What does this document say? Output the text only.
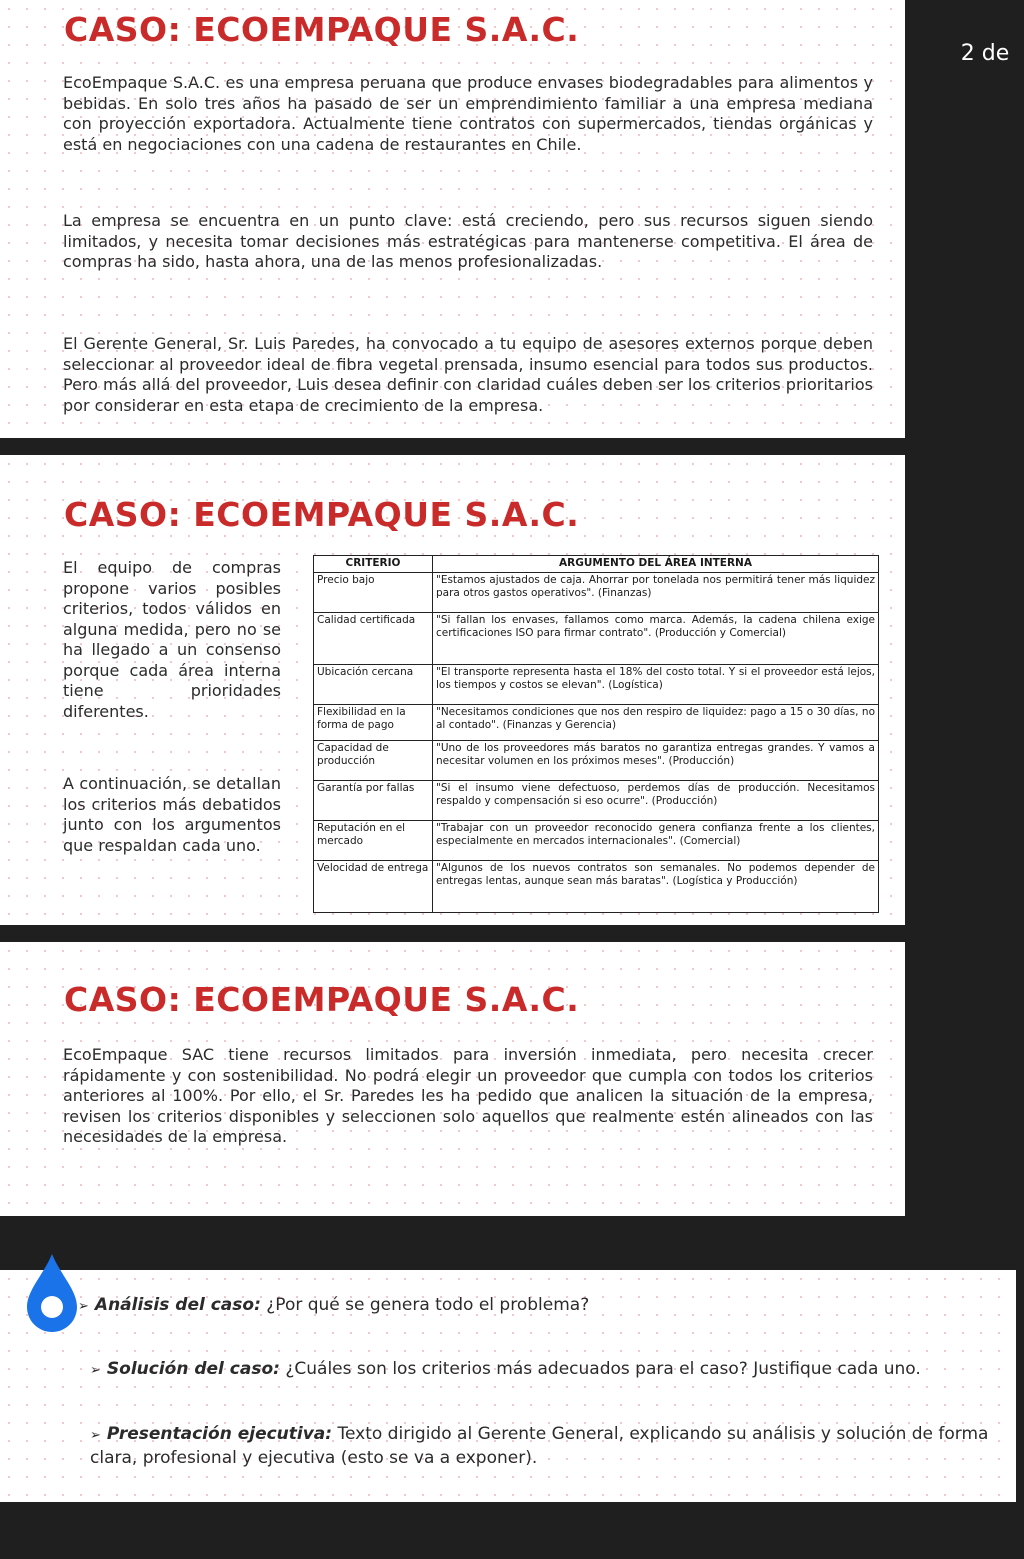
CASO: ECOEMPAQUE S.A.C.

EcoEmpaque S.A.C. es una empresa peruana que produce envases biodegradables para alimentos y bebidas. En solo tres años ha pasado de ser un emprendimiento familiar a una empresa mediana con proyección exportadora. Actualmente tiene contratos con supermercados, tiendas orgánicas y está en negociaciones con una cadena de restaurantes en Chile.

La empresa se encuentra en un punto clave: está creciendo, pero sus recursos siguen siendo limitados, y necesita tomar decisiones más estratégicas para mantenerse competitiva. El área de compras ha sido, hasta ahora, una de las menos profesionalizadas.

El Gerente General, Sr. Luis Paredes, ha convocado a tu equipo de asesores externos porque deben seleccionar al proveedor ideal de fibra vegetal prensada, insumo esencial para todos sus productos. Pero más allá del proveedor, Luis desea definir con claridad cuáles deben ser los criterios prioritarios por considerar en esta etapa de crecimiento de la empresa.

2 de
CASO: ECOEMPAQUE S.A.C.

El equipo de compras propone varios posibles criterios, todos válidos en alguna medida, pero no se ha llegado a un consenso porque cada área interna tiene prioridades diferentes.

A continuación, se detallan los criterios más debatidos junto con los argumentos que respaldan cada uno.

CRITERIO	ARGUMENTO DEL ÁREA INTERNA
Precio bajo	"Estamos ajustados de caja. Ahorrar por tonelada nos permitirá tener más liquidez para otros gastos operativos". (Finanzas)
Calidad certificada	"Si fallan los envases, fallamos como marca. Además, la cadena chilena exige certificaciones ISO para firmar contrato". (Producción y Comercial)
Ubicación cercana	"El transporte representa hasta el 18% del costo total. Y si el proveedor está lejos, los tiempos y costos se elevan". (Logística)
Flexibilidad en la forma de pago	"Necesitamos condiciones que nos den respiro de liquidez: pago a 15 o 30 días, no al contado". (Finanzas y Gerencia)
Capacidad de producción	"Uno de los proveedores más baratos no garantiza entregas grandes. Y vamos a necesitar volumen en los próximos meses". (Producción)
Garantía por fallas	"Si el insumo viene defectuoso, perdemos días de producción. Necesitamos respaldo y compensación si eso ocurre". (Producción)
Reputación en el mercado	"Trabajar con un proveedor reconocido genera confianza frente a los clientes, especialmente en mercados internacionales". (Comercial)
Velocidad de entrega	"Algunos de los nuevos contratos son semanales. No podemos depender de entregas lentas, aunque sean más baratas". (Logística y Producción)
CASO: ECOEMPAQUE S.A.C.

EcoEmpaque SAC tiene recursos limitados para inversión inmediata, pero necesita crecer rápidamente y con sostenibilidad. No podrá elegir un proveedor que cumpla con todos los criterios anteriores al 100%. Por ello, el Sr. Paredes les ha pedido que analicen la situación de la empresa, revisen los criterios disponibles y seleccionen solo aquellos que realmente estén alineados con las necesidades de la empresa.

➢ Análisis del caso: ¿Por qué se genera todo el problema?

➢ Solución del caso: ¿Cuáles son los criterios más adecuados para el caso? Justifique cada uno.

➢ Presentación ejecutiva: Texto dirigido al Gerente General, explicando su análisis y solución de forma clara, profesional y ejecutiva (esto se va a exponer).
